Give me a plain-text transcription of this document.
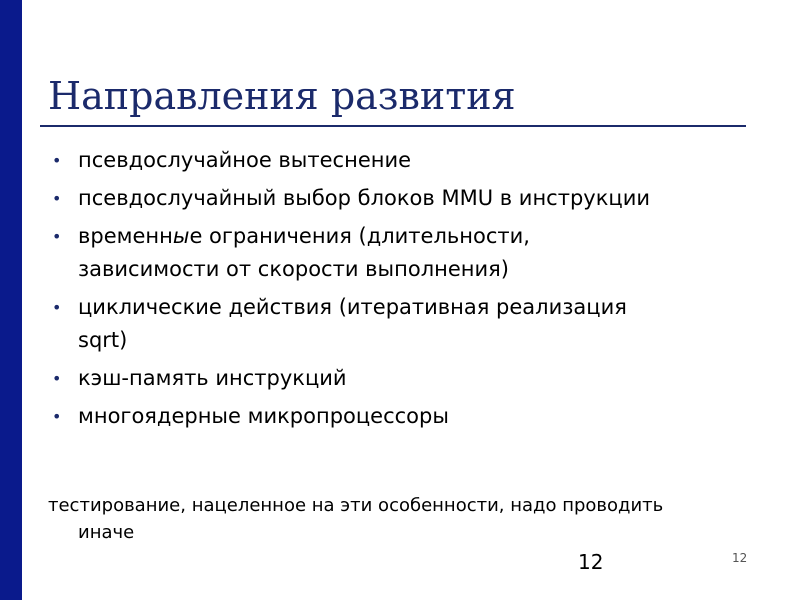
Направления развития
• псевдослучайное вытеснение
• псевдослучайный выбор блоков MMU в инструкции
• временные ограничения (длительности, зависимости от скорости выполнения)
• циклические действия (итеративная реализация sqrt)
• кэш-память инструкций
• многоядерные микропроцессоры
тестирование, нацеленное на эти особенности, надо проводить иначе
12	12
